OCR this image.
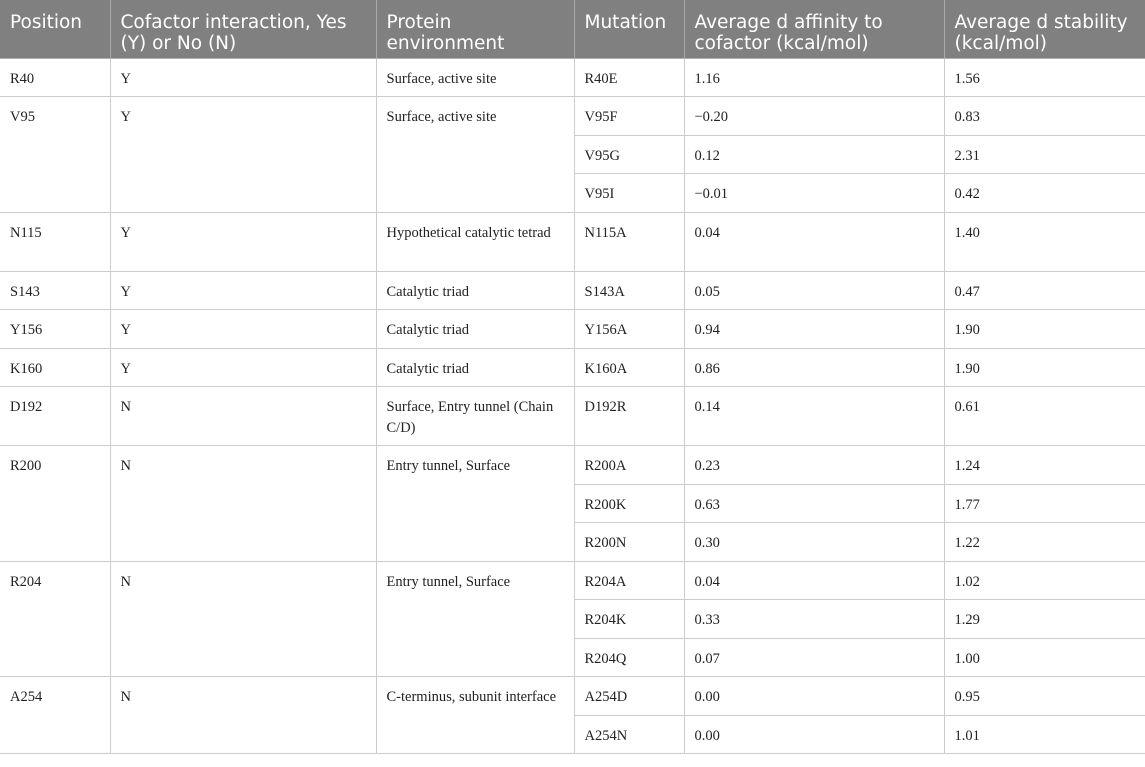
Position	Cofactor interaction, Yes (Y) or No (N)	Protein environment	Mutation	Average d affinity to cofactor (kcal/mol)	Average d stability (kcal/mol)
R40	Y	Surface, active site	R40E	1.16	1.56
V95	Y	Surface, active site	V95F	−0.20	0.83
			V95G	0.12	2.31
			V95I	−0.01	0.42
N115	Y	Hypothetical catalytic tetrad	N115A	0.04	1.40
S143	Y	Catalytic triad	S143A	0.05	0.47
Y156	Y	Catalytic triad	Y156A	0.94	1.90
K160	Y	Catalytic triad	K160A	0.86	1.90
D192	N	Surface, Entry tunnel (Chain C/D)	D192R	0.14	0.61
R200	N	Entry tunnel, Surface	R200A	0.23	1.24
			R200K	0.63	1.77
			R200N	0.30	1.22
R204	N	Entry tunnel, Surface	R204A	0.04	1.02
			R204K	0.33	1.29
			R204Q	0.07	1.00
A254	N	C-terminus, subunit interface	A254D	0.00	0.95
			A254N	0.00	1.01
